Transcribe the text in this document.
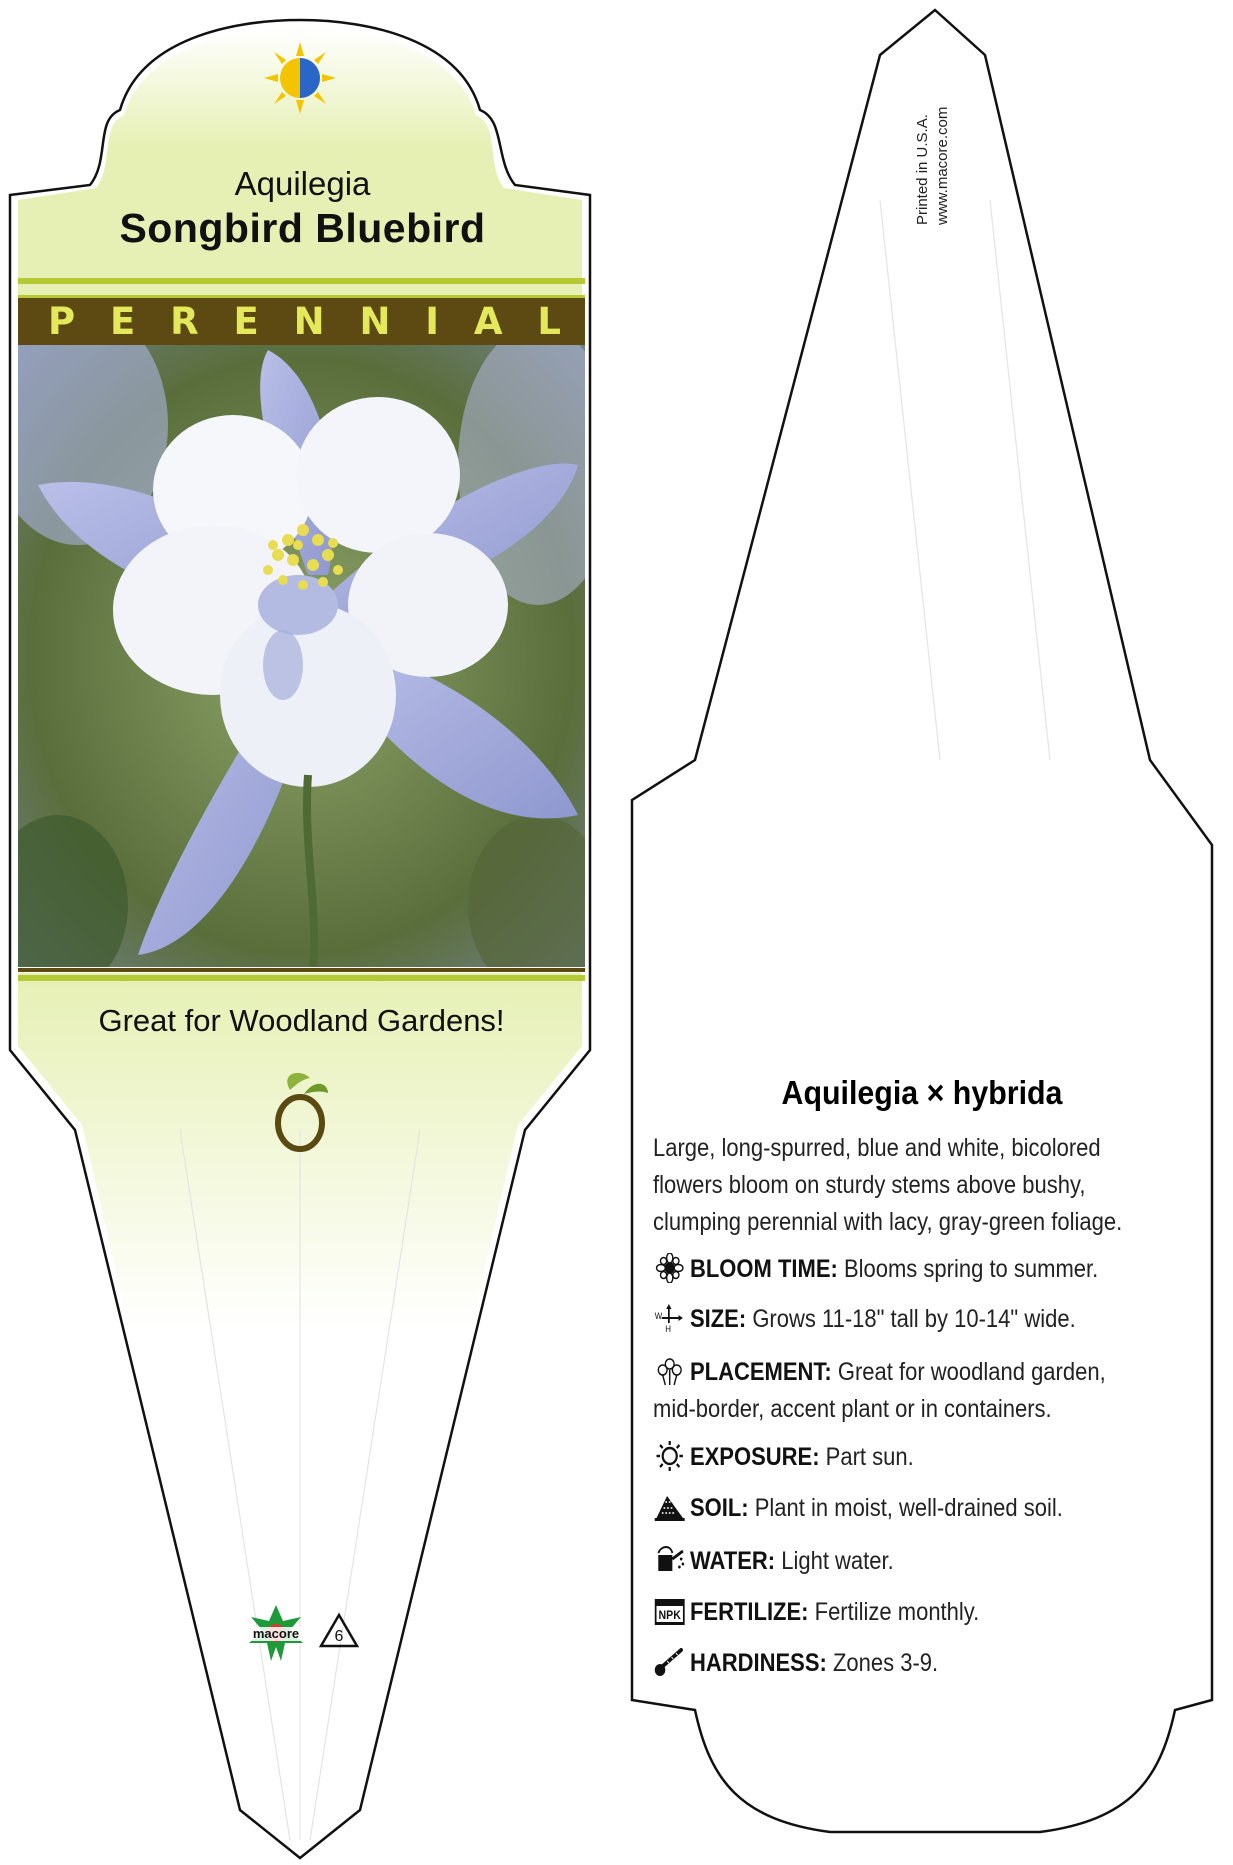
Aquilegia
Songbird Bluebird
P E R E N N I A L
Great for Woodland Gardens!
macore 6
Printed in U.S.A. www.macore.com
Aquilegia × hybrida
Large, long-spurred, blue and white, bicolored flowers bloom on sturdy stems above bushy, clumping perennial with lacy, gray-green foliage.
BLOOM TIME: Blooms spring to summer.
W
H SIZE: Grows 11-18" tall by 10-14" wide.
PLACEMENT: Great for woodland garden,
mid-border, accent plant or in containers.
EXPOSURE: Part sun.
SOIL: Plant in moist, well-drained soil.
WATER: Light water.
NPK FERTILIZE: Fertilize monthly.
HARDINESS: Zones 3-9.
